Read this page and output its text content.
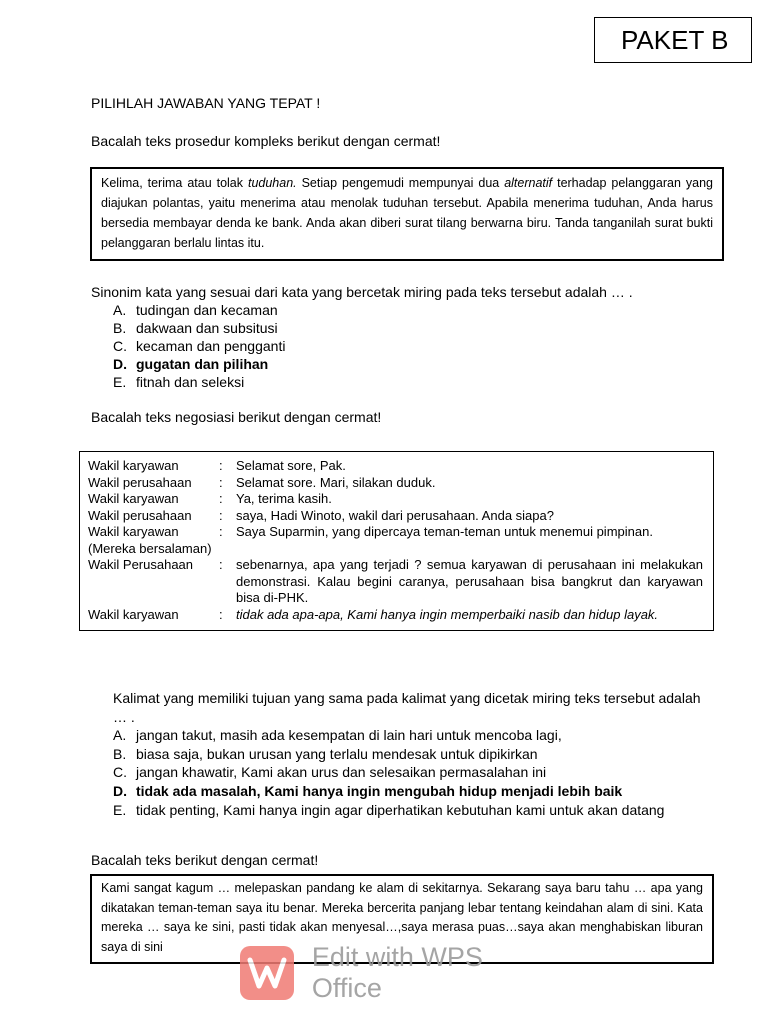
PAKET B
PILIHLAH JAWABAN YANG TEPAT !
Bacalah teks prosedur kompleks berikut dengan cermat!
Kelima, terima atau tolak tuduhan. Setiap pengemudi mempunyai dua alternatif terhadap pelanggaran yang diajukan polantas, yaitu menerima atau menolak tuduhan tersebut. Apabila menerima tuduhan, Anda harus bersedia membayar denda ke bank. Anda akan diberi surat tilang berwarna biru. Tanda tanganilah surat bukti pelanggaran berlalu lintas itu.
Sinonim kata yang sesuai dari kata yang bercetak miring pada teks tersebut adalah … .
A. tudingan dan kecaman
B. dakwaan dan subsitusi
C. kecaman dan pengganti
D. gugatan dan pilihan
E. fitnah dan seleksi
Bacalah teks negosiasi berikut dengan cermat!
Wakil karyawan	:	Selamat sore, Pak.
Wakil perusahaan	:	Selamat sore. Mari, silakan duduk.
Wakil karyawan	:	Ya, terima kasih.
Wakil perusahaan	:	saya, Hadi Winoto, wakil dari perusahaan. Anda siapa?
Wakil karyawan	:	Saya Suparmin, yang dipercaya teman-teman untuk menemui pimpinan.
(Mereka bersalaman)
Wakil Perusahaan	:	sebenarnya, apa yang terjadi ? semua karyawan di perusahaan ini melakukan demonstrasi. Kalau begini caranya, perusahaan bisa bangkrut dan karyawan bisa di-PHK.
Wakil karyawan	:	tidak ada apa-apa, Kami hanya ingin memperbaiki nasib dan hidup layak.
Kalimat yang memiliki tujuan yang sama pada kalimat yang dicetak miring teks tersebut adalah … .
A. jangan takut, masih ada kesempatan di lain hari untuk mencoba lagi,
B. biasa saja, bukan urusan yang terlalu mendesak untuk dipikirkan
C. jangan khawatir, Kami akan urus dan selesaikan permasalahan ini
D. tidak ada masalah, Kami hanya ingin mengubah hidup menjadi lebih baik
E. tidak penting, Kami hanya ingin agar diperhatikan kebutuhan kami untuk akan datang
Bacalah teks berikut dengan cermat!
Kami sangat kagum … melepaskan pandang ke alam di sekitarnya. Sekarang saya baru tahu … apa yang dikatakan teman-teman saya itu benar. Mereka bercerita panjang lebar tentang keindahan alam di sini. Kata mereka … saya ke sini, pasti tidak akan menyesal…,saya merasa puas…saya akan menghabiskan liburan saya di sini	Edit with WPS Office
